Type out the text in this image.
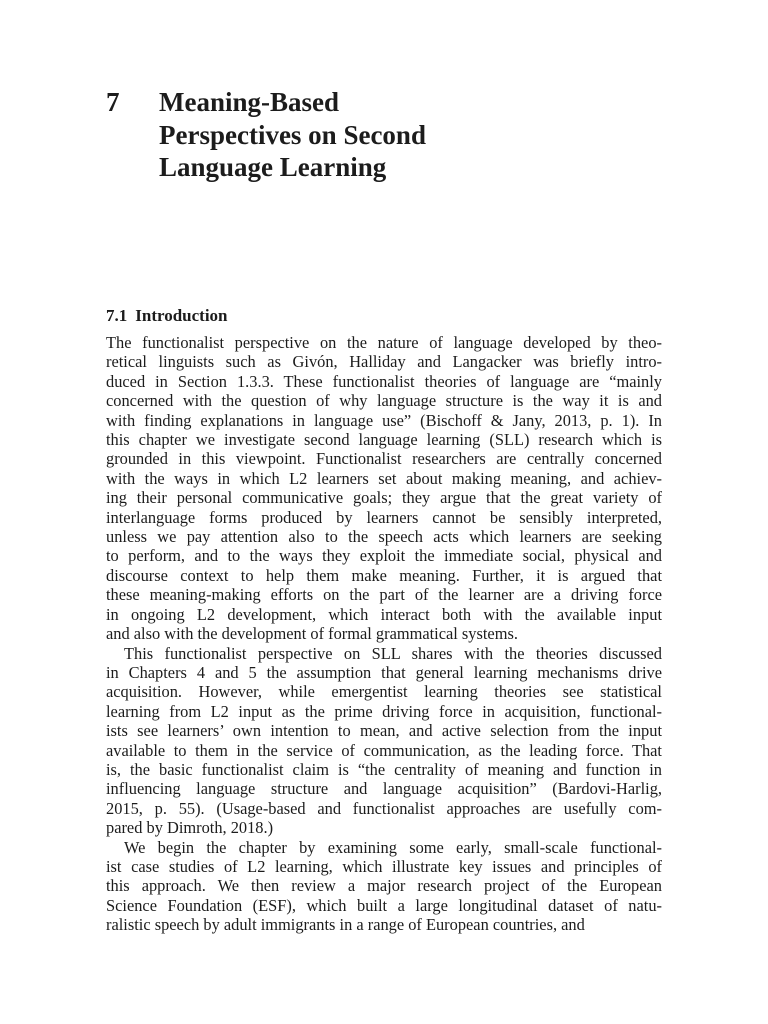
7	Meaning-Based
Perspectives on Second
Language Learning
7.1 Introduction
The functionalist perspective on the nature of language developed by theo-
retical linguists such as Givón, Halliday and Langacker was briefly intro-
duced in Section 1.3.3. These functionalist theories of language are “mainly
concerned with the question of why language structure is the way it is and
with finding explanations in language use” (Bischoff & Jany, 2013, p. 1). In
this chapter we investigate second language learning (SLL) research which is
grounded in this viewpoint. Functionalist researchers are centrally concerned
with the ways in which L2 learners set about making meaning, and achiev-
ing their personal communicative goals; they argue that the great variety of
interlanguage forms produced by learners cannot be sensibly interpreted,
unless we pay attention also to the speech acts which learners are seeking
to perform, and to the ways they exploit the immediate social, physical and
discourse context to help them make meaning. Further, it is argued that
these meaning-making efforts on the part of the learner are a driving force
in ongoing L2 development, which interact both with the available input
and also with the development of formal grammatical systems.
This functionalist perspective on SLL shares with the theories discussed
in Chapters 4 and 5 the assumption that general learning mechanisms drive
acquisition. However, while emergentist learning theories see statistical
learning from L2 input as the prime driving force in acquisition, functional-
ists see learners’ own intention to mean, and active selection from the input
available to them in the service of communication, as the leading force. That
is, the basic functionalist claim is “the centrality of meaning and function in
influencing language structure and language acquisition” (Bardovi-Harlig,
2015, p. 55). (Usage-based and functionalist approaches are usefully com-
pared by Dimroth, 2018.)
We begin the chapter by examining some early, small-scale functional-
ist case studies of L2 learning, which illustrate key issues and principles of
this approach. We then review a major research project of the European
Science Foundation (ESF), which built a large longitudinal dataset of natu-
ralistic speech by adult immigrants in a range of European countries, and
